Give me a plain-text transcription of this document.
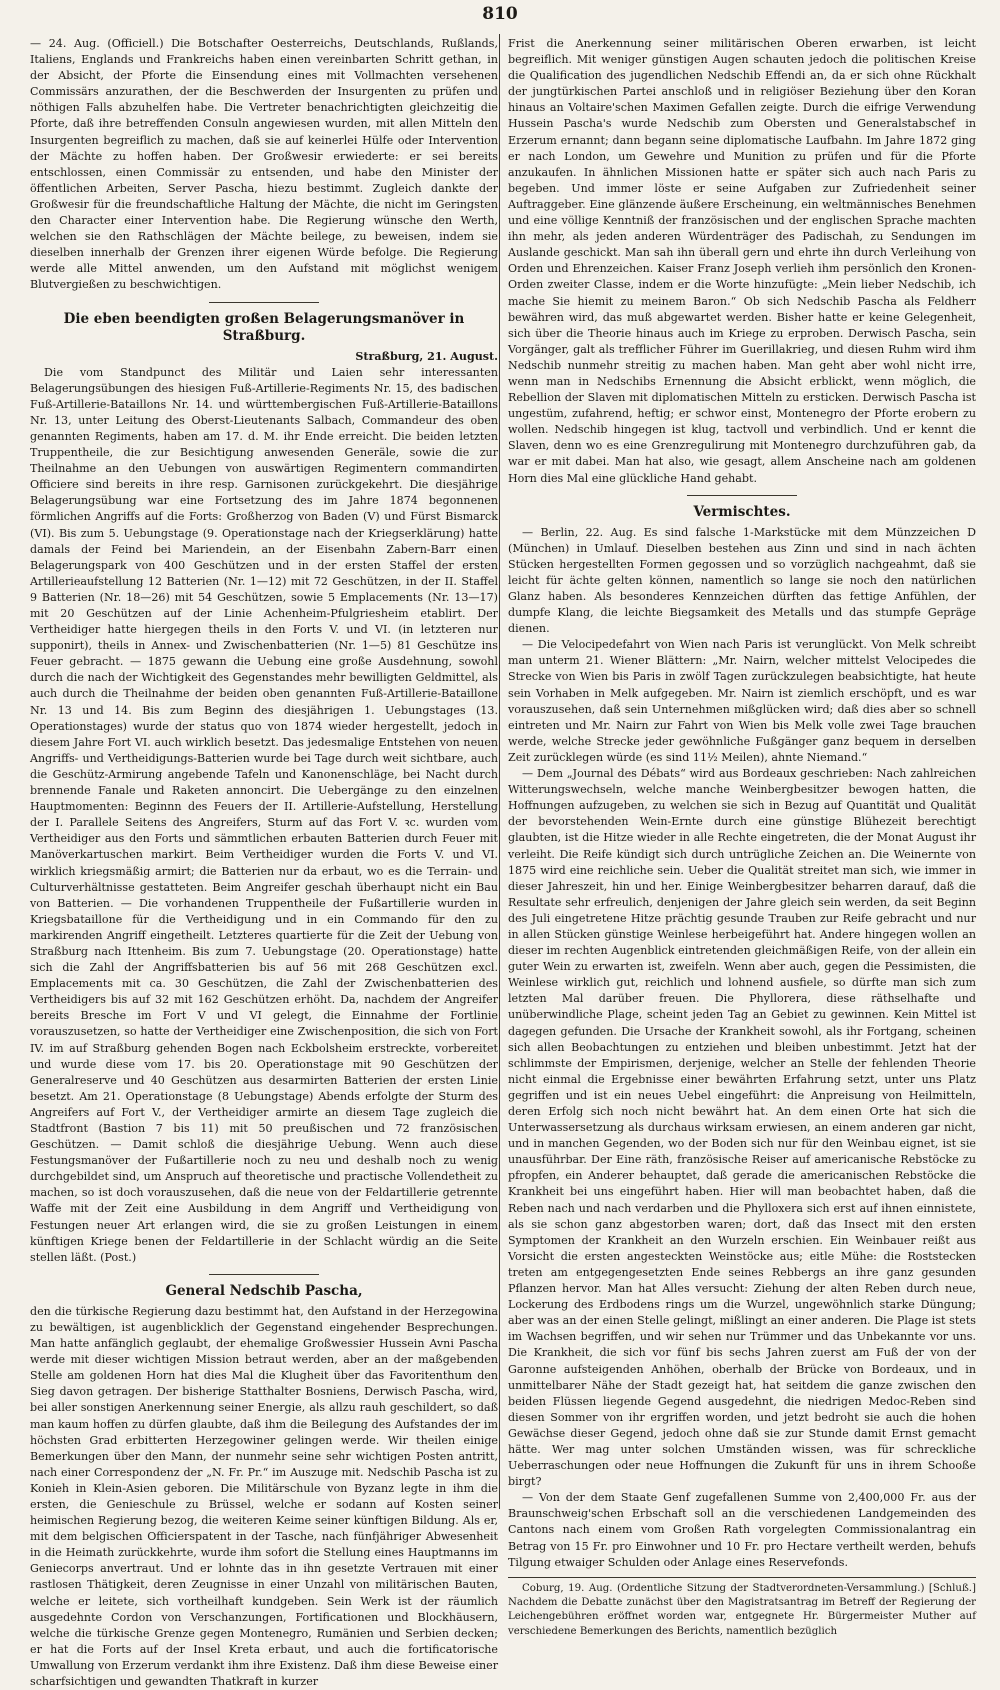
810

— 24. Aug. (Officiell.) Die Botschafter Oesterreichs, Deutschlands, Rußlands, Italiens, Englands und Frankreichs haben einen vereinbarten Schritt gethan, in der Absicht, der Pforte die Einsendung eines mit Vollmachten versehenen Commissärs anzurathen, der die Beschwerden der Insurgenten zu prüfen und nöthigen Falls abzuhelfen habe. Die Vertreter benachrichtigten gleichzeitig die Pforte, daß ihre betreffenden Consuln angewiesen wurden, mit allen Mitteln den Insurgenten begreiflich zu machen, daß sie auf keinerlei Hülfe oder Intervention der Mächte zu hoffen haben. Der Großwesir erwiederte: er sei bereits entschlossen, einen Commissär zu entsenden, und habe den Minister der öffentlichen Arbeiten, Server Pascha, hiezu bestimmt. Zugleich dankte der Großwesir für die freundschaftliche Haltung der Mächte, die nicht im Geringsten den Character einer Intervention habe. Die Regierung wünsche den Werth, welchen sie den Rathschlägen der Mächte beilege, zu beweisen, indem sie dieselben innerhalb der Grenzen ihrer eigenen Würde befolge. Die Regierung werde alle Mittel anwenden, um den Aufstand mit möglichst wenigem Blutvergießen zu beschwichtigen.

Die eben beendigten großen Belagerungsmanöver in Straßburg.
Straßburg, 21. August.

Die vom Standpunct des Militär und Laien sehr interessanten Belagerungsübungen des hiesigen Fuß-Artillerie-Regiments Nr. 15, des badischen Fuß-Artillerie-Bataillons Nr. 14. und württembergischen Fuß-Artillerie-Bataillons Nr. 13, unter Leitung des Oberst-Lieutenants Salbach, Commandeur des oben genannten Regiments, haben am 17. d. M. ihr Ende erreicht. Die beiden letzten Truppentheile, die zur Besichtigung anwesenden Generäle, sowie die zur Theilnahme an den Uebungen von auswärtigen Regimentern commandirten Officiere sind bereits in ihre resp. Garnisonen zurückgekehrt. Die diesjährige Belagerungsübung war eine Fortsetzung des im Jahre 1874 begonnenen förmlichen Angriffs auf die Forts: Großherzog von Baden (V) und Fürst Bismarck (VI). Bis zum 5. Uebungstage (9. Operationstage nach der Kriegserklärung) hatte damals der Feind bei Mariendein, an der Eisenbahn Zabern-Barr einen Belagerungspark von 400 Geschützen und in der ersten Staffel der ersten Artillerieaufstellung 12 Batterien (Nr. 1—12) mit 72 Geschützen, in der II. Staffel 9 Batterien (Nr. 18—26) mit 54 Geschützen, sowie 5 Emplacements (Nr. 13—17) mit 20 Geschützen auf der Linie Achenheim-Pfulgriesheim etablirt. Der Vertheidiger hatte hiergegen theils in den Forts V. und VI. (in letzteren nur supponirt), theils in Annex- und Zwischenbatterien (Nr. 1—5) 81 Geschütze ins Feuer gebracht. — 1875 gewann die Uebung eine große Ausdehnung, sowohl durch die nach der Wichtigkeit des Gegenstandes mehr bewilligten Geldmittel, als auch durch die Theilnahme der beiden oben genannten Fuß-Artillerie-Bataillone Nr. 13 und 14. Bis zum Beginn des diesjährigen 1. Uebungstages (13. Operationstages) wurde der status quo von 1874 wieder hergestellt, jedoch in diesem Jahre Fort VI. auch wirklich besetzt. Das jedesmalige Entstehen von neuen Angriffs- und Vertheidigungs-Batterien wurde bei Tage durch weit sichtbare, auch die Geschütz-Armirung angebende Tafeln und Kanonenschläge, bei Nacht durch brennende Fanale und Raketen annoncirt. Die Uebergänge zu den einzelnen Hauptmomenten: Beginnn des Feuers der II. Artillerie-Aufstellung, Herstellung der I. Parallele Seitens des Angreifers, Sturm auf das Fort V. ꝛc. wurden vom Vertheidiger aus den Forts und sämmtlichen erbauten Batterien durch Feuer mit Manöverkartuschen markirt. Beim Vertheidiger wurden die Forts V. und VI. wirklich kriegsmäßig armirt; die Batterien nur da erbaut, wo es die Terrain- und Culturverhältnisse gestatteten. Beim Angreifer geschah überhaupt nicht ein Bau von Batterien. — Die vorhandenen Truppentheile der Fußartillerie wurden in Kriegsbataillone für die Vertheidigung und in ein Commando für den zu markirenden Angriff eingetheilt. Letzteres quartierte für die Zeit der Uebung von Straßburg nach Ittenheim. Bis zum 7. Uebungstage (20. Operationstage) hatte sich die Zahl der Angriffsbatterien bis auf 56 mit 268 Geschützen excl. Emplacements mit ca. 30 Geschützen, die Zahl der Zwischenbatterien des Vertheidigers bis auf 32 mit 162 Geschützen erhöht. Da, nachdem der Angreifer bereits Bresche im Fort V und VI gelegt, die Einnahme der Fortlinie vorauszusetzen, so hatte der Vertheidiger eine Zwischenposition, die sich von Fort IV. im auf Straßburg gehenden Bogen nach Eckbolsheim erstreckte, vorbereitet und wurde diese vom 17. bis 20. Operationstage mit 90 Geschützen der Generalreserve und 40 Geschützen aus desarmirten Batterien der ersten Linie besetzt. Am 21. Operationstage (8 Uebungstage) Abends erfolgte der Sturm des Angreifers auf Fort V., der Vertheidiger armirte an diesem Tage zugleich die Stadtfront (Bastion 7 bis 11) mit 50 preußischen und 72 französischen Geschützen. — Damit schloß die diesjährige Uebung. Wenn auch diese Festungsmanöver der Fußartillerie noch zu neu und deshalb noch zu wenig durchgebildet sind, um Anspruch auf theoretische und practische Vollendetheit zu machen, so ist doch vorauszusehen, daß die neue von der Feldartillerie getrennte Waffe mit der Zeit eine Ausbildung in dem Angriff und Vertheidigung von Festungen neuer Art erlangen wird, die sie zu großen Leistungen in einem künftigen Kriege benen der Feldartillerie in der Schlacht würdig an die Seite stellen läßt. (Post.)

General Nedschib Pascha,

den die türkische Regierung dazu bestimmt hat, den Aufstand in der Herzegowina zu bewältigen, ist augenblicklich der Gegenstand eingehender Besprechungen. Man hatte anfänglich geglaubt, der ehemalige Großwessier Hussein Avni Pascha werde mit dieser wichtigen Mission betraut werden, aber an der maßgebenden Stelle am goldenen Horn hat dies Mal die Klugheit über das Favoritenthum den Sieg davon getragen. Der bisherige Statthalter Bosniens, Derwisch Pascha, wird, bei aller sonstigen Anerkennung seiner Energie, als allzu rauh geschildert, so daß man kaum hoffen zu dürfen glaubte, daß ihm die Beilegung des Aufstandes der im höchsten Grad erbitterten Herzegowiner gelingen werde. Wir theilen einige Bemerkungen über den Mann, der nunmehr seine sehr wichtigen Posten antritt, nach einer Correspondenz der „N. Fr. Pr.“ im Auszuge mit. Nedschib Pascha ist zu Konieh in Klein-Asien geboren. Die Militärschule von Byzanz legte in ihm die ersten, die Genieschule zu Brüssel, welche er sodann auf Kosten seiner heimischen Regierung bezog, die weiteren Keime seiner künftigen Bildung. Als er, mit dem belgischen Officierspatent in der Tasche, nach fünfjähriger Abwesenheit in die Heimath zurückkehrte, wurde ihm sofort die Stellung eines Hauptmanns im Geniecorps anvertraut. Und er lohnte das in ihn gesetzte Vertrauen mit einer rastlosen Thätigkeit, deren Zeugnisse in einer Unzahl von militärischen Bauten, welche er leitete, sich vortheilhaft kundgeben. Sein Werk ist der räumlich ausgedehnte Cordon von Verschanzungen, Fortificationen und Blockhäusern, welche die türkische Grenze gegen Montenegro, Rumänien und Serbien decken; er hat die Forts auf der Insel Kreta erbaut, und auch die fortificatorische Umwallung von Erzerum verdankt ihm ihre Existenz. Daß ihm diese Beweise einer scharfsichtigen und gewandten Thatkraft in kurzer

Frist die Anerkennung seiner militärischen Oberen erwarben, ist leicht begreiflich. Mit weniger günstigen Augen schauten jedoch die politischen Kreise die Qualification des jugendlichen Nedschib Effendi an, da er sich ohne Rückhalt der jungtürkischen Partei anschloß und in religiöser Beziehung über den Koran hinaus an Voltaire'schen Maximen Gefallen zeigte. Durch die eifrige Verwendung Hussein Pascha's wurde Nedschib zum Obersten und Generalstabschef in Erzerum ernannt; dann begann seine diplomatische Laufbahn. Im Jahre 1872 ging er nach London, um Gewehre und Munition zu prüfen und für die Pforte anzukaufen. In ähnlichen Missionen hatte er später sich auch nach Paris zu begeben. Und immer löste er seine Aufgaben zur Zufriedenheit seiner Auftraggeber. Eine glänzende äußere Erscheinung, ein weltmännisches Benehmen und eine völlige Kenntniß der französischen und der englischen Sprache machten ihn mehr, als jeden anderen Würdenträger des Padischah, zu Sendungen im Auslande geschickt. Man sah ihn überall gern und ehrte ihn durch Verleihung von Orden und Ehrenzeichen. Kaiser Franz Joseph verlieh ihm persönlich den Kronen-Orden zweiter Classe, indem er die Worte hinzufügte: „Mein lieber Nedschib, ich mache Sie hiemit zu meinem Baron.“ Ob sich Nedschib Pascha als Feldherr bewähren wird, das muß abgewartet werden. Bisher hatte er keine Gelegenheit, sich über die Theorie hinaus auch im Kriege zu erproben. Derwisch Pascha, sein Vorgänger, galt als trefflicher Führer im Guerillakrieg, und diesen Ruhm wird ihm Nedschib nunmehr streitig zu machen haben. Man geht aber wohl nicht irre, wenn man in Nedschibs Ernennung die Absicht erblickt, wenn möglich, die Rebellion der Slaven mit diplomatischen Mitteln zu ersticken. Derwisch Pascha ist ungestüm, zufahrend, heftig; er schwor einst, Montenegro der Pforte erobern zu wollen. Nedschib hingegen ist klug, tactvoll und verbindlich. Und er kennt die Slaven, denn wo es eine Grenzregulirung mit Montenegro durchzuführen gab, da war er mit dabei. Man hat also, wie gesagt, allem Anscheine nach am goldenen Horn dies Mal eine glückliche Hand gehabt.

Vermischtes.

— Berlin, 22. Aug. Es sind falsche 1-Markstücke mit dem Münzzeichen D (München) in Umlauf. Dieselben bestehen aus Zinn und sind in nach ächten Stücken hergestellten Formen gegossen und so vorzüglich nachgeahmt, daß sie leicht für ächte gelten können, namentlich so lange sie noch den natürlichen Glanz haben. Als besonderes Kennzeichen dürften das fettige Anfühlen, der dumpfe Klang, die leichte Biegsamkeit des Metalls und das stumpfe Gepräge dienen.

— Die Velocipedefahrt von Wien nach Paris ist verunglückt. Von Melk schreibt man unterm 21. Wiener Blättern: „Mr. Nairn, welcher mittelst Velocipedes die Strecke von Wien bis Paris in zwölf Tagen zurückzulegen beabsichtigte, hat heute sein Vorhaben in Melk aufgegeben. Mr. Nairn ist ziemlich erschöpft, und es war vorauszusehen, daß sein Unternehmen mißglücken wird; daß dies aber so schnell eintreten und Mr. Nairn zur Fahrt von Wien bis Melk volle zwei Tage brauchen werde, welche Strecke jeder gewöhnliche Fußgänger ganz bequem in derselben Zeit zurücklegen würde (es sind 11½ Meilen), ahnte Niemand.“

— Dem „Journal des Débats“ wird aus Bordeaux geschrieben: Nach zahlreichen Witterungswechseln, welche manche Weinbergbesitzer bewogen hatten, die Hoffnungen aufzugeben, zu welchen sie sich in Bezug auf Quantität und Qualität der bevorstehenden Wein-Ernte durch eine günstige Blühezeit berechtigt glaubten, ist die Hitze wieder in alle Rechte eingetreten, die der Monat August ihr verleiht. Die Reife kündigt sich durch untrügliche Zeichen an. Die Weinernte von 1875 wird eine reichliche sein. Ueber die Qualität streitet man sich, wie immer in dieser Jahreszeit, hin und her. Einige Weinbergbesitzer beharren darauf, daß die Resultate sehr erfreulich, denjenigen der Jahre gleich sein werden, da seit Beginn des Juli eingetretene Hitze prächtig gesunde Trauben zur Reife gebracht und nur in allen Stücken günstige Weinlese herbeigeführt hat. Andere hingegen wollen an dieser im rechten Augenblick eintretenden gleichmäßigen Reife, von der allein ein guter Wein zu erwarten ist, zweifeln. Wenn aber auch, gegen die Pessimisten, die Weinlese wirklich gut, reichlich und lohnend ausfiele, so dürfte man sich zum letzten Mal darüber freuen. Die Phyllorera, diese räthselhafte und unüberwindliche Plage, scheint jeden Tag an Gebiet zu gewinnen. Kein Mittel ist dagegen gefunden. Die Ursache der Krankheit sowohl, als ihr Fortgang, scheinen sich allen Beobachtungen zu entziehen und bleiben unbestimmt. Jetzt hat der schlimmste der Empirismen, derjenige, welcher an Stelle der fehlenden Theorie nicht einmal die Ergebnisse einer bewährten Erfahrung setzt, unter uns Platz gegriffen und ist ein neues Uebel eingeführt: die Anpreisung von Heilmitteln, deren Erfolg sich noch nicht bewährt hat. An dem einen Orte hat sich die Unterwassersetzung als durchaus wirksam erwiesen, an einem anderen gar nicht, und in manchen Gegenden, wo der Boden sich nur für den Weinbau eignet, ist sie unausführbar. Der Eine räth, französische Reiser auf americanische Rebstöcke zu pfropfen, ein Anderer behauptet, daß gerade die americanischen Rebstöcke die Krankheit bei uns eingeführt haben. Hier will man beobachtet haben, daß die Reben nach und nach verdarben und die Phylloxera sich erst auf ihnen einnistete, als sie schon ganz abgestorben waren; dort, daß das Insect mit den ersten Symptomen der Krankheit an den Wurzeln erschien. Ein Weinbauer reißt aus Vorsicht die ersten angesteckten Weinstöcke aus; eitle Mühe: die Roststecken treten am entgegengesetzten Ende seines Rebbergs an ihre ganz gesunden Pflanzen hervor. Man hat Alles versucht: Ziehung der alten Reben durch neue, Lockerung des Erdbodens rings um die Wurzel, ungewöhnlich starke Düngung; aber was an der einen Stelle gelingt, mißlingt an einer anderen. Die Plage ist stets im Wachsen begriffen, und wir sehen nur Trümmer und das Unbekannte vor uns. Die Krankheit, die sich vor fünf bis sechs Jahren zuerst am Fuß der von der Garonne aufsteigenden Anhöhen, oberhalb der Brücke von Bordeaux, und in unmittelbarer Nähe der Stadt gezeigt hat, hat seitdem die ganze zwischen den beiden Flüssen liegende Gegend ausgedehnt, die niedrigen Medoc-Reben sind diesen Sommer von ihr ergriffen worden, und jetzt bedroht sie auch die hohen Gewächse dieser Gegend, jedoch ohne daß sie zur Stunde damit Ernst gemacht hätte. Wer mag unter solchen Umständen wissen, was für schreckliche Ueberraschungen oder neue Hoffnungen die Zukunft für uns in ihrem Schooße birgt?

— Von der dem Staate Genf zugefallenen Summe von 2,400,000 Fr. aus der Braunschweig'schen Erbschaft soll an die verschiedenen Landgemeinden des Cantons nach einem vom Großen Rath vorgelegten Commissionalantrag ein Betrag von 15 Fr. pro Einwohner und 10 Fr. pro Hectare vertheilt werden, behufs Tilgung etwaiger Schulden oder Anlage eines Reservefonds.

Coburg, 19. Aug. (Ordentliche Sitzung der Stadtverordneten-Versammlung.) [Schluß.] Nachdem die Debatte zunächst über den Magistratsantrag im Betreff der Regierung der Leichengebühren eröffnet worden war, entgegnete Hr. Bürgermeister Muther auf verschiedene Bemerkungen des Berichts, namentlich bezüglich
